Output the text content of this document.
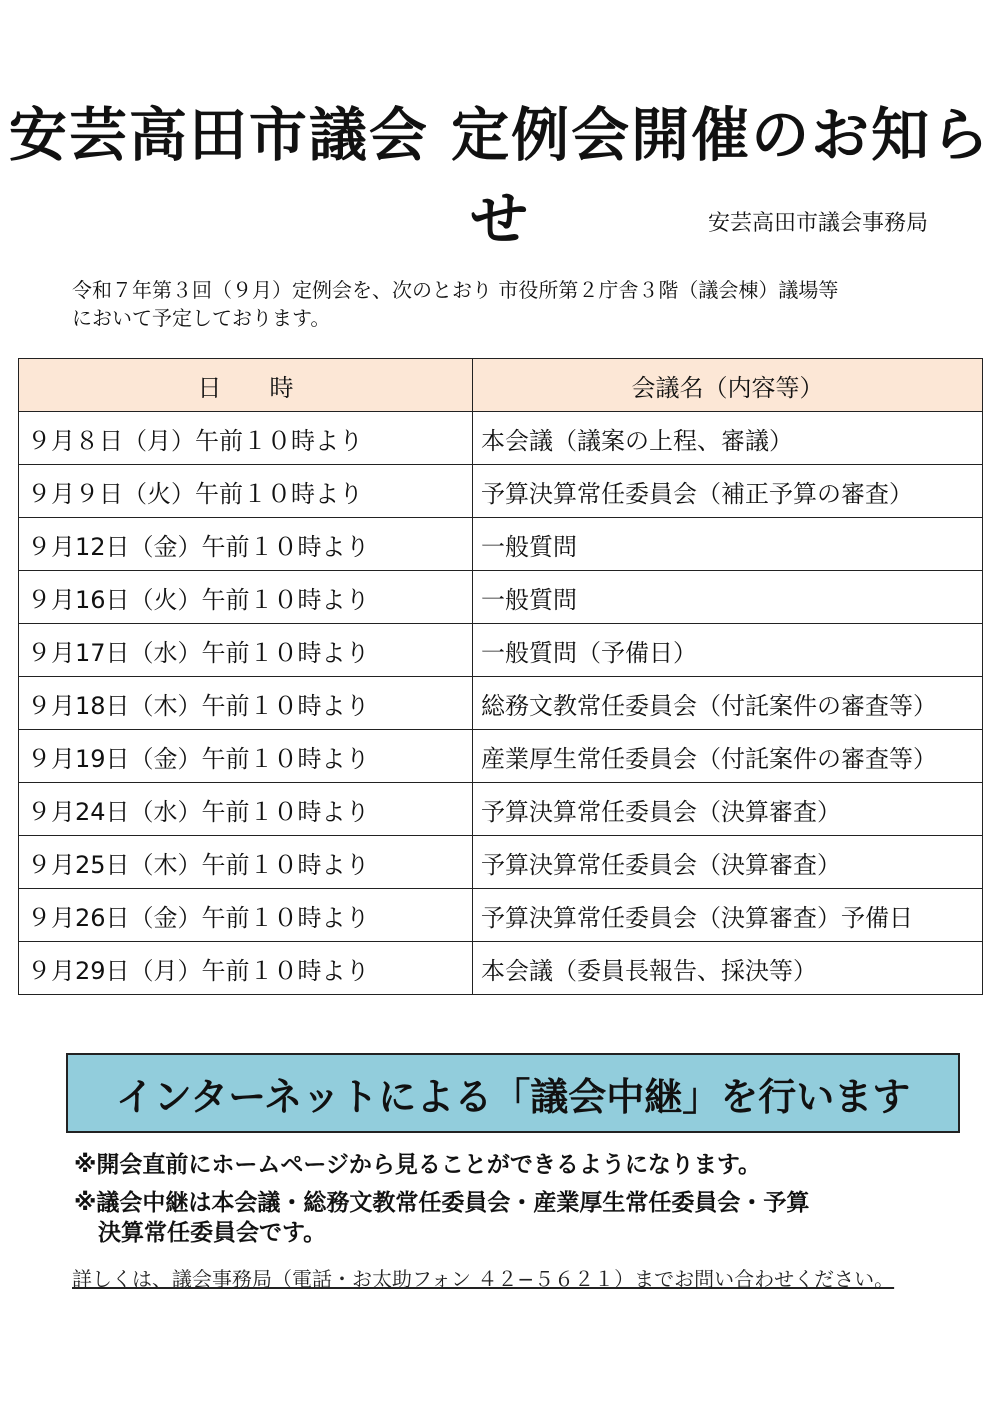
安芸高田市議会 定例会開催のお知らせ	安芸高田市議会事務局
令和７年第３回（９月）定例会を、次のとおり 市役所第２庁舎３階（議会棟）議場等
において予定しております。
日　　時	会議名（内容等）
９月８日（月）午前１０時より	本会議（議案の上程、審議）
９月９日（火）午前１０時より	予算決算常任委員会（補正予算の審査）
９月12日（金）午前１０時より	一般質問
９月16日（火）午前１０時より	一般質問
９月17日（水）午前１０時より	一般質問（予備日）
９月18日（木）午前１０時より	総務文教常任委員会（付託案件の審査等）
９月19日（金）午前１０時より	産業厚生常任委員会（付託案件の審査等）
９月24日（水）午前１０時より	予算決算常任委員会（決算審査）
９月25日（木）午前１０時より	予算決算常任委員会（決算審査）
９月26日（金）午前１０時より	予算決算常任委員会（決算審査）予備日
９月29日（月）午前１０時より	本会議（委員長報告、採決等）
インターネットによる「議会中継」を行います
※開会直前にホームページから見ることができるようになります。
※議会中継は本会議・総務文教常任委員会・産業厚生常任委員会・予算
決算常任委員会です。
詳しくは、議会事務局（電話・お太助フォン ４２−５６２１）までお問い合わせください。
